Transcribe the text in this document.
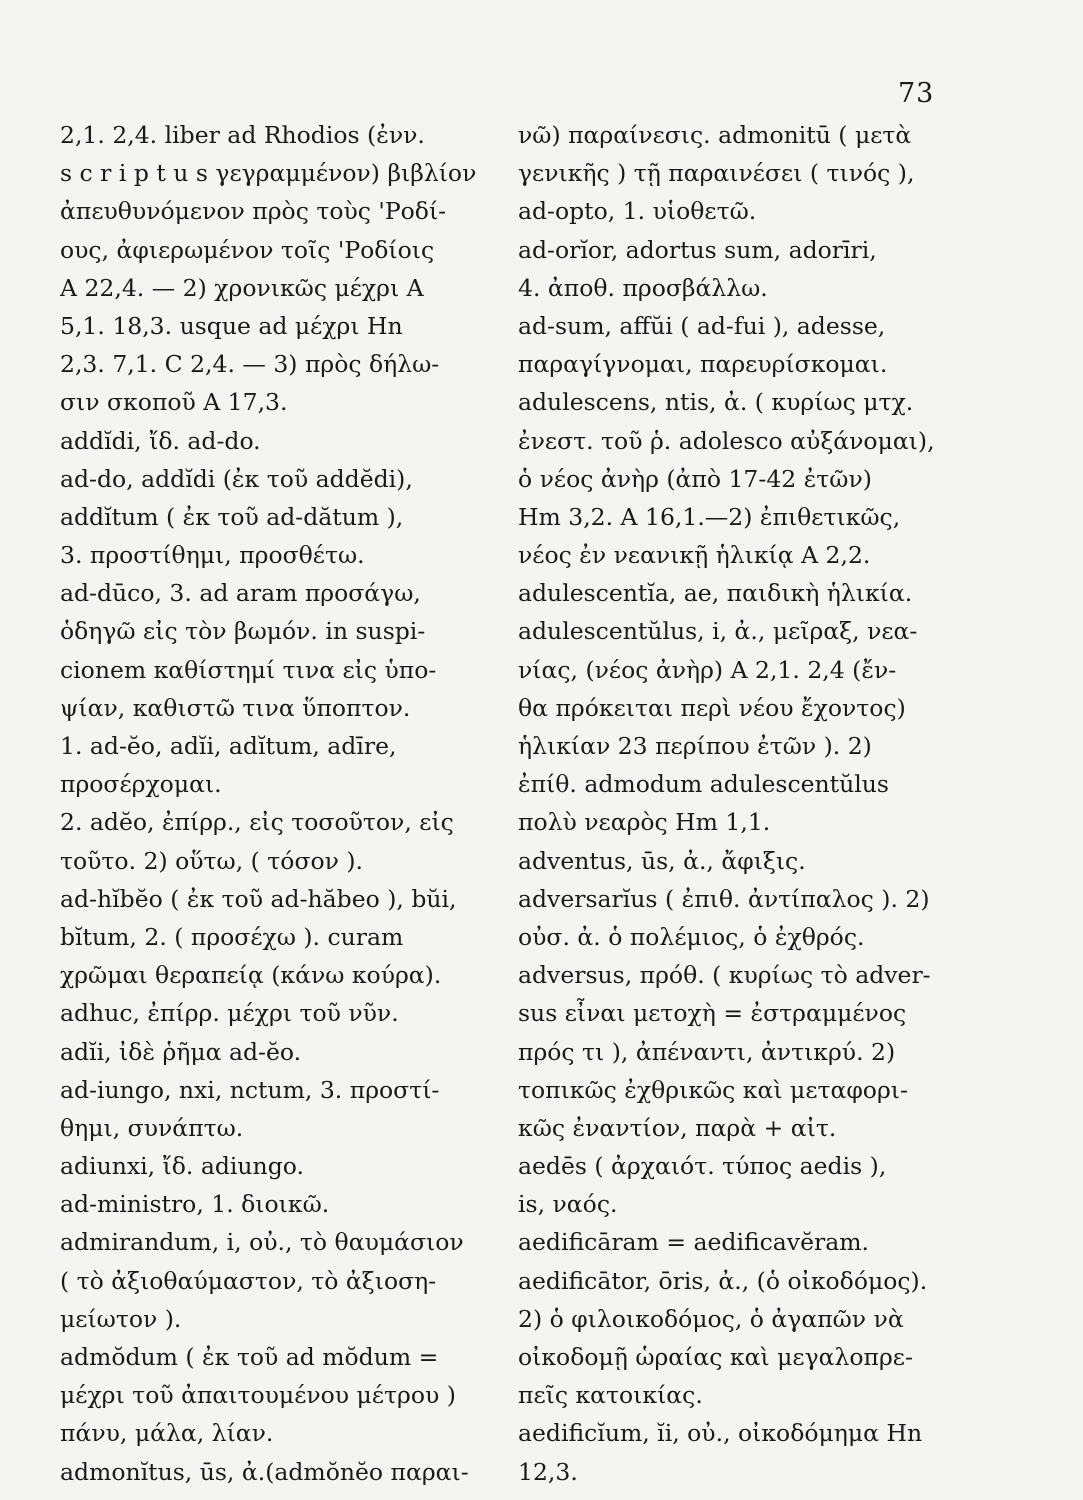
73
2,1. 2,4. liber ad Rhodios (ἐνν.
s c r i p t u s γεγραμμένον) βιβλίον
ἀπευθυνόμενον πρὸς τοὺς 'Ροδί-
ους, ἀφιερωμένον τοῖς 'Ροδίοις
Α 22,4. — 2) χρονικῶς μέχρι Α
5,1. 18,3. usque ad μέχρι Hn
2,3. 7,1. C 2,4. — 3) πρὸς δήλω-
σιν σκοποῦ Α 17,3.
addĭdi, ἴδ. ad-do.
ad-do, addĭdi (ἐκ τοῦ addĕdi),
addĭtum ( ἐκ τοῦ ad-dătum ),
3. προστίθημι, προσθέτω.
ad-dūco, 3. ad aram προσάγω,
ὁδηγῶ εἰς τὸν βωμόν. in suspi-
cionem καθίστημί τινα εἰς ὑπο-
ψίαν, καθιστῶ τινα ὕποπτον.
1. ad-ĕo, adĭi, adĭtum, adīre,
προσέρχομαι.
2. adĕo, ἐπίρρ., εἰς τοσοῦτον, εἰς
τοῦτο. 2) οὕτω, ( τόσον ).
ad-hĭbĕo ( ἐκ τοῦ ad-hăbeo ), bŭi,
bĭtum, 2. ( προσέχω ). curam
χρῶμαι θεραπείᾳ (κάνω κούρα).
adhuc, ἐπίρρ. μέχρι τοῦ νῦν.
adĭi, ἰδὲ ῥῆμα ad-ĕo.
ad-iungo, nxi, nctum, 3. προστί-
θημι, συνάπτω.
adiunxi, ἴδ. adiungo.
ad-ministro, 1. διοικῶ.
admirandum, i, οὐ., τὸ θαυμάσιον
( τὸ ἀξιοθαύμαστον, τὸ ἀξιοση-
μείωτον ).
admŏdum ( ἐκ τοῦ ad mŏdum =
μέχρι τοῦ ἀπαιτουμένου μέτρου )
πάνυ, μάλα, λίαν.
admonĭtus, ūs, ἀ.(admŏnĕo παραι-
νῶ) παραίνεσις. admonitū ( μετὰ
γενικῆς ) τῇ παραινέσει ( τινός ),
ad-opto, 1. υἱοθετῶ.
ad-orĭor, adortus sum, adorīri,
4. ἀποθ. προσβάλλω.
ad-sum, affŭi ( ad-fui ), adesse,
παραγίγνομαι, παρευρίσκομαι.
adulescens, ntis, ἀ. ( κυρίως μτχ.
ἐνεστ. τοῦ ῥ. adolesco αὐξάνομαι),
ὁ νέος ἀνὴρ (ἀπὸ 17-42 ἐτῶν)
Hm 3,2. A 16,1.—2) ἐπιθετικῶς,
νέος ἐν νεανικῇ ἡλικίᾳ Α 2,2.
adulescentĭa, ae, παιδικὴ ἡλικία.
adulescentŭlus, i, ἀ., μεῖραξ, νεα-
νίας, (νέος ἀνὴρ) Α 2,1. 2,4 (ἔν-
θα πρόκειται περὶ νέου ἔχοντος)
ἡλικίαν 23 περίπου ἐτῶν ). 2)
ἐπίθ. admodum adulescentŭlus
πολὺ νεαρὸς Hm 1,1.
adventus, ūs, ἀ., ἄφιξις.
adversarĭus ( ἐπιθ. ἀντίπαλος ). 2)
οὐσ. ἀ. ὁ πολέμιος, ὁ ἐχθρός.
adversus, πρόθ. ( κυρίως τὸ adver-
sus εἶναι μετοχὴ = ἐστραμμένος
πρός τι ), ἀπέναντι, ἀντικρύ. 2)
τοπικῶς ἐχθρικῶς καὶ μεταφορι-
κῶς ἐναντίον, παρὰ + αἰτ.
aedēs ( ἀρχαιότ. τύπος aedis ),
is, ναός.
aedificāram = aedificavĕram.
aedificātor, ōris, ἀ., (ὁ οἰκοδόμος).
2) ὁ φιλοικοδόμος, ὁ ἀγαπῶν νὰ
οἰκοδομῇ ὡραίας καὶ μεγαλοπρε-
πεῖς κατοικίας.
aedificĭum, ĭi, οὐ., οἰκοδόμημα Hn
12,3.
